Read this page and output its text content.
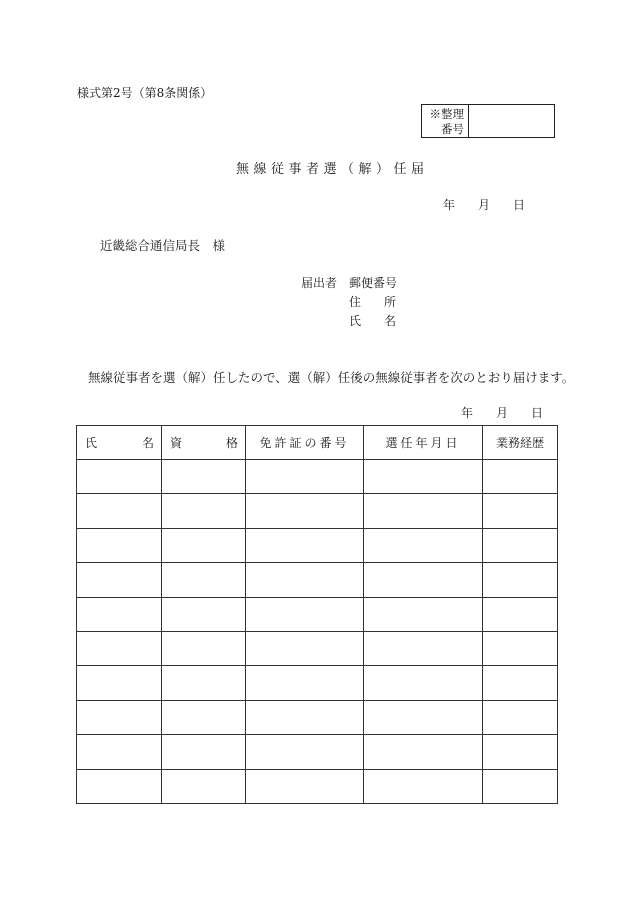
様式第2号（第8条関係）
※整理
番号
無線従事者選（解）任届
年	月	日
近畿総合通信局長　様
届出者 郵便番号
住 所
氏 名
無線従事者を選（解）任したので、選（解）任後の無線従事者を次のとおり届けます。
年	月	日
氏 名	資 格	免許証の番号	選任年月日	業務経歴
